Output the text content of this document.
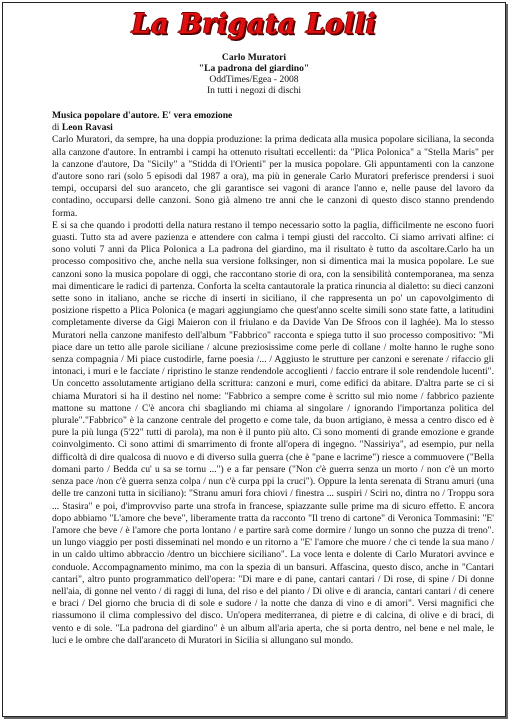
La Brigata Lolli
Carlo Muratori
"La padrona del giardino"
OddTimes/Egea - 2008
In tutti i negozi di dischi
Musica popolare d'autore. E' vera emozione
di Leon Ravasi

Carlo Muratori, da sempre, ha una doppia produzione: la prima dedicata alla musica popolare siciliana, la seconda alla canzone d'autore. In entrambi i campi ha ottenuto risultati eccellenti: da "Plica Polonica" a "Stella Maris" per la canzone d'autore, Da "Sicily" a "Stidda di l'Orienti" per la musica popolare. Gli appuntamenti con la canzone d'autore sono rari (solo 5 episodi dal 1987 a ora), ma più in generale Carlo Muratori preferisce prendersi i suoi tempi, occuparsi del suo aranceto, che gli garantisce sei vagoni di arance l'anno e, nelle pause del lavoro da contadino, occuparsi delle canzoni. Sono già almeno tre anni che le canzoni di questo disco stanno prendendo forma.

E si sa che quando i prodotti della natura restano il tempo necessario sotto la paglia, difficilmente ne escono fuori guasti. Tutto sta ad avere pazienza e attendere con calma i tempi giusti del raccolto. Ci siamo arrivati alfine: ci sono voluti 7 anni da Plica Polonica a La padrona del giardino, ma il risultato è tutto da ascoltare.Carlo ha un processo compositivo che, anche nella sua versione folksinger, non si dimentica mai la musica popolare. Le sue canzoni sono la musica popolare di oggi, che raccontano storie di ora, con la sensibilità contemporanea, ma senza mai dimenticare le radici di partenza. Conforta la scelta cantautorale la pratica rinuncia al dialetto: su dieci canzoni sette sono in italiano, anche se ricche di inserti in siciliano, il che rappresenta un po' un capovolgimento di posizione rispetto a Plica Polonica (e magari aggiungiamo che quest'anno scelte simili sono state fatte, a latitudini completamente diverse da Gigi Maieron con il friulano e da Davide Van De Sfroos con il laghée). Ma lo stesso Muratori nella canzone manifesto dell'album "Fabbrico" racconta e spiega tutto il suo processo compositivo: "Mi piace dare un tetto alle parole siciliane / alcune preziosissime come perle di collane / molte hanno le rughe sono senza compagnia / Mi piace custodirle, farne poesia /... / Aggiusto le strutture per canzoni e serenate / rifaccio gli intonaci, i muri e le facciate / ripristino le stanze rendendole accoglienti / faccio entrare il sole rendendole lucenti". Un concetto assolutamente artigiano della scrittura: canzoni e muri, come edifici da abitare. D'altra parte se ci si chiama Muratori si ha il destino nel nome: "Fabbrico a sempre come è scritto sul mio nome / fabbrico paziente mattone su mattone / C'è ancora chi sbagliando mi chiama al singolare / ignorando l'importanza politica del plurale"."Fabbrico" è la canzone centrale del progetto e come tale, da buon artigiano, è messa a centro disco ed è pure la più lunga (5'22" tutti di parola), ma non è il punto più alto. Ci sono momenti di grande emozione e grande coinvolgimento. Ci sono attimi di smarrimento di fronte all'opera di ingegno. "Nassiriya", ad esempio, pur nella difficoltà di dire qualcosa di nuovo e di diverso sulla guerra (che è "pane e lacrime") riesce a commuovere ("Bella domani parto / Bedda cu' u sa se tornu ...") e a far pensare ("Non c'è guerra senza un morto / non c'è un morto senza pace /non c'è guerra senza colpa / nun c'è curpa ppi la cruci"). Oppure la lenta serenata di Stranu amuri (una delle tre canzoni tutta in siciliano): "Stranu amuri fora chiovi / finestra ... suspiri / Sciri no, dintra no / Troppu sora ... Stasira" e poi, d'improvviso parte una strofa in francese, spiazzante sulle prime ma di sicuro effetto. E ancora dopo abbiamo "L'amore che beve", liberamente tratta da racconto "Il treno di cartone" di Veronica Tommasini: "E' l'amore che beve / è l'amore che porta lontano / e partire sarà come dormire / lungo un sonno che puzza di treno". un lungo viaggio per posti disseminati nel mondo e un ritorno a "E' l'amore che muore / che ci tende la sua mano / in un caldo ultimo abbraccio /dentro un bicchiere siciliano". La voce lenta e dolente di Carlo Muratori avvince e conduole. Accompagnamento minimo, ma con la spezia di un bansuri. Affascina, questo disco, anche in "Cantari cantari", altro punto programmatico dell'opera: "Di mare e di pane, cantari cantari / Di rose, di spine / Di donne nell'aia, di gonne nel vento / di raggi di luna, del riso e del pianto / Di olive e di arancia, cantari cantari / di cenere e braci / Del giorno che brucia di di sole e sudore / la notte che danza di vino e di amori". Versi magnifici che riassumono il clima complessivo del disco. Un'opera mediterranea, di pietre e di calcina, di olive e di braci, di vento e di sole. "La padrona del giardino" è un album all'aria aperta, che si porta dentro, nel bene e nel male, le luci e le ombre che dall'aranceto di Muratori in Sicilia si allungano sul mondo.
